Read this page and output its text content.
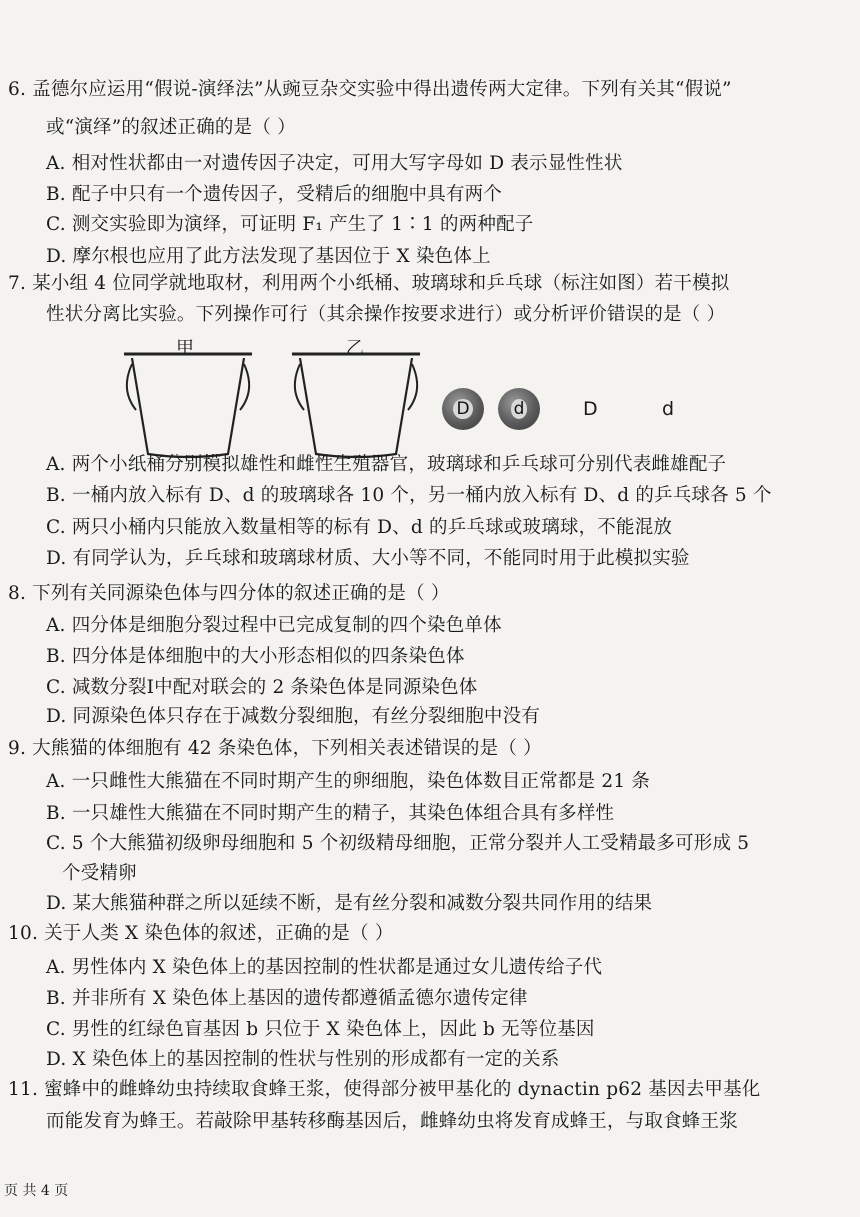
6. 孟德尔应运用“假说-演绎法”从豌豆杂交实验中得出遗传两大定律。下列有关其“假说”
或“演绎”的叙述正确的是（ ）
A. 相对性状都由一对遗传因子决定，可用大写字母如 D 表示显性性状
B. 配子中只有一个遗传因子，受精后的细胞中具有两个
C. 测交实验即为演绎，可证明 F₁ 产生了 1∶1 的两种配子
D. 摩尔根也应用了此方法发现了基因位于 X 染色体上
7. 某小组 4 位同学就地取材，利用两个小纸桶、玻璃球和乒乓球（标注如图）若干模拟
性状分离比实验。下列操作可行（其余操作按要求进行）或分析评价错误的是（ ）
甲	乙
D	d	D	d
A. 两个小纸桶分别模拟雄性和雌性生殖器官，玻璃球和乒乓球可分别代表雌雄配子
B. 一桶内放入标有 D、d 的玻璃球各 10 个，另一桶内放入标有 D、d 的乒乓球各 5 个
C. 两只小桶内只能放入数量相等的标有 D、d 的乒乓球或玻璃球，不能混放
D. 有同学认为，乒乓球和玻璃球材质、大小等不同，不能同时用于此模拟实验
8. 下列有关同源染色体与四分体的叙述正确的是（ ）
A. 四分体是细胞分裂过程中已完成复制的四个染色单体
B. 四分体是体细胞中的大小形态相似的四条染色体
C. 减数分裂Ⅰ中配对联会的 2 条染色体是同源染色体
D. 同源染色体只存在于减数分裂细胞，有丝分裂细胞中没有
9. 大熊猫的体细胞有 42 条染色体，下列相关表述错误的是（ ）
A. 一只雌性大熊猫在不同时期产生的卵细胞，染色体数目正常都是 21 条
B. 一只雄性大熊猫在不同时期产生的精子，其染色体组合具有多样性
C. 5 个大熊猫初级卵母细胞和 5 个初级精母细胞，正常分裂并人工受精最多可形成 5
个受精卵
D. 某大熊猫种群之所以延续不断，是有丝分裂和减数分裂共同作用的结果
10. 关于人类 X 染色体的叙述，正确的是（ ）
A. 男性体内 X 染色体上的基因控制的性状都是通过女儿遗传给子代
B. 并非所有 X 染色体上基因的遗传都遵循孟德尔遗传定律
C. 男性的红绿色盲基因 b 只位于 X 染色体上，因此 b 无等位基因
D. X 染色体上的基因控制的性状与性别的形成都有一定的关系
11. 蜜蜂中的雌蜂幼虫持续取食蜂王浆，使得部分被甲基化的 dynactin p62 基因去甲基化
而能发育为蜂王。若敲除甲基转移酶基因后，雌蜂幼虫将发育成蜂王，与取食蜂王浆
页 共 4 页
